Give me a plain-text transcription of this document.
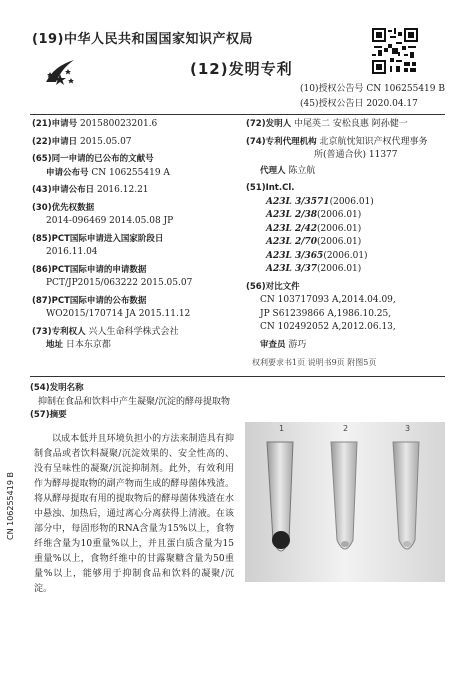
(19)中华人民共和国国家知识产权局
(12)发明专利
(10)授权公告号 CN 106255419 B
(45)授权公告日 2020.04.17
(21)申请号 201580023201.6
(22)申请日 2015.05.07
(65)同一申请的已公布的文献号
申请公布号 CN 106255419 A
(43)申请公布日 2016.12.21
(30)优先权数据
2014-096469 2014.05.08 JP
(85)PCT国际申请进入国家阶段日
2016.11.04
(86)PCT国际申请的申请数据
PCT/JP2015/063222 2015.05.07
(87)PCT国际申请的公布数据
WO2015/170714 JA 2015.11.12
(73)专利权人 兴人生命科学株式会社
地址 日本东京都
(72)发明人 中尾英二 安松良惠 阿孙健一
(74)专利代理机构 北京航忱知识产权代理事务
所(普通合伙) 11377
代理人 陈立航
(51)Int.Cl.
A23L 3/3571(2006.01)
A23L 2/38(2006.01)
A23L 2/42(2006.01)
A23L 2/70(2006.01)
A23L 3/365(2006.01)
A23L 3/37(2006.01)
(56)对比文件
CN 103717093 A,2014.04.09,
JP S61239866 A,1986.10.25,
CN 102492052 A,2012.06.13,
审查员 游巧
权利要求书1页 说明书9页 附图5页
(54)发明名称
抑制在食品和饮料中产生凝聚/沉淀的酵母提取物
(57)摘要
以成本低并且环境负担小的方法来制造具有抑制食品或者饮料凝聚/沉淀效果的、安全性高的、没有呈味性的凝聚/沉淀抑制剂。此外，有效利用作为酵母提取物的副产物而生成的酵母菌体残渣。将从酵母提取有用的提取物后的酵母菌体残渣在水中悬浊、加热后，通过离心分离获得上清液。在该部分中，每固形物的RNA含量为15%以上，食物纤维含量为10重量%以上，并且蛋白质含量为15重量%以上，食物纤维中的甘露聚糖含量为50重量%以上，能够用于抑制食品和饮料的凝聚/沉淀。
1	2	3
CN 106255419 B
